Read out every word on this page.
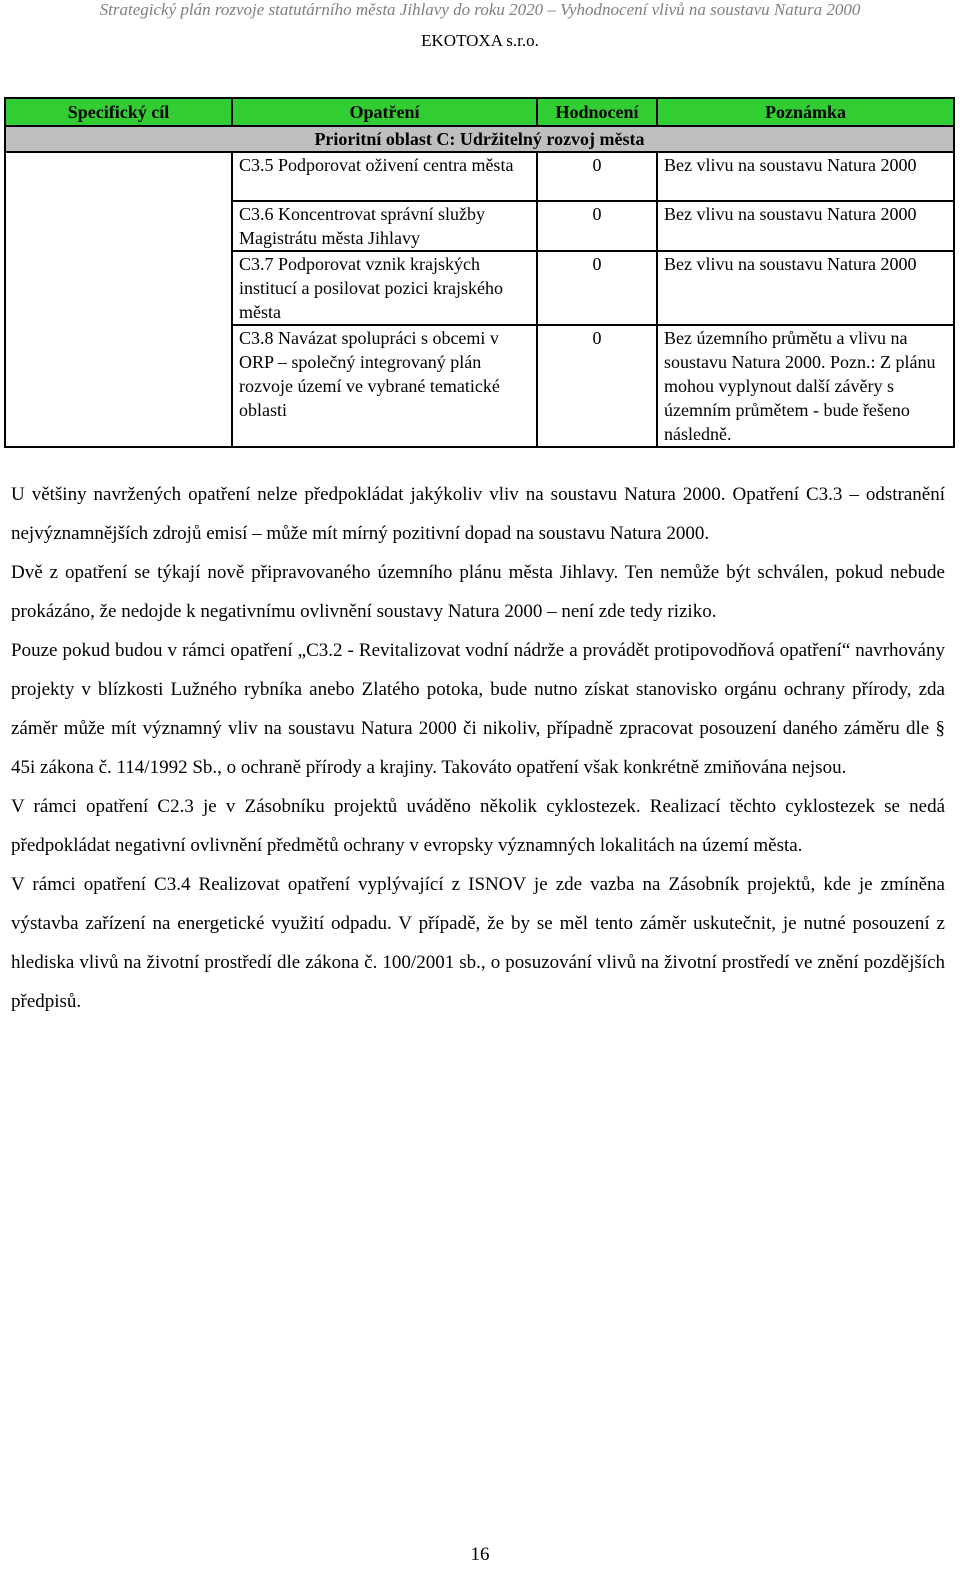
Strategický plán rozvoje statutárního města Jihlavy do roku 2020 – Vyhodnocení vlivů na soustavu Natura 2000
EKOTOXA s.r.o.
Specifický cíl	Opatření	Hodnocení	Poznámka
Prioritní oblast C: Udržitelný rozvoj města			
	C3.5 Podporovat oživení centra města	0	Bez vlivu na soustavu Natura 2000
	C3.6 Koncentrovat správní služby Magistrátu města Jihlavy	0	Bez vlivu na soustavu Natura 2000
	C3.7 Podporovat vznik krajských institucí a posilovat pozici krajského města	0	Bez vlivu na soustavu Natura 2000
	C3.8 Navázat spolupráci s obcemi v ORP – společný integrovaný plán rozvoje území ve vybrané tematické oblasti	0	Bez územního průmětu a vlivu na soustavu Natura 2000. Pozn.: Z plánu mohou vyplynout další závěry s územním průmětem - bude řešeno následně.

U většiny navržených opatření nelze předpokládat jakýkoliv vliv na soustavu Natura 2000. Opatření C3.3 – odstranění nejvýznamnějších zdrojů emisí – může mít mírný pozitivní dopad na soustavu Natura 2000.

Dvě z opatření se týkají nově připravovaného územního plánu města Jihlavy. Ten nemůže být schválen, pokud nebude prokázáno, že nedojde k negativnímu ovlivnění soustavy Natura 2000 – není zde tedy riziko.

Pouze pokud budou v rámci opatření „C3.2 - Revitalizovat vodní nádrže a provádět protipovodňová opatření“ navrhovány projekty v blízkosti Lužného rybníka anebo Zlatého potoka, bude nutno získat stanovisko orgánu ochrany přírody, zda záměr může mít významný vliv na soustavu Natura 2000 či nikoliv, případně zpracovat posouzení daného záměru dle § 45i zákona č. 114/1992 Sb., o ochraně přírody a krajiny. Takováto opatření však konkrétně zmiňována nejsou.

V rámci opatření C2.3 je v Zásobníku projektů uváděno několik cyklostezek. Realizací těchto cyklostezek se nedá předpokládat negativní ovlivnění předmětů ochrany v evropsky významných lokalitách na území města.

V rámci opatření C3.4 Realizovat opatření vyplývající z ISNOV je zde vazba na Zásobník projektů, kde je zmíněna výstavba zařízení na energetické využití odpadu. V případě, že by se měl tento záměr uskutečnit, je nutné posouzení z hlediska vlivů na životní prostředí dle zákona č. 100/2001 sb., o posuzování vlivů na životní prostředí ve znění pozdějších předpisů.

16
